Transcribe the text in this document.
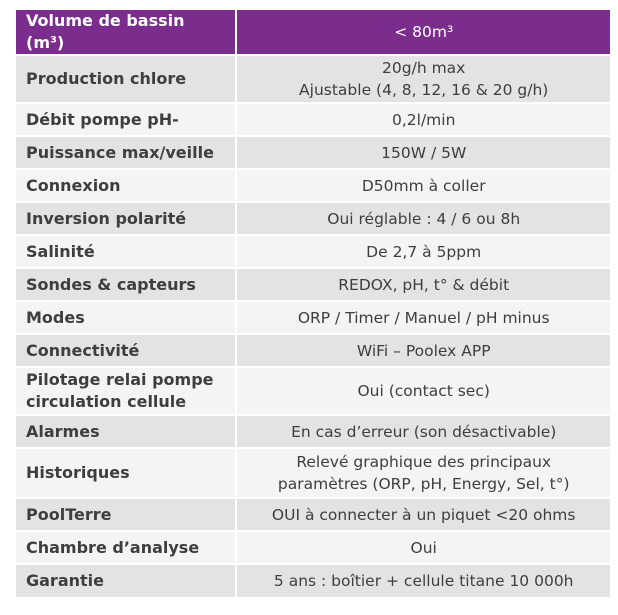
Volume de bassin (m³)	< 80m³

Production chlore	20g/h max
Ajustable (4, 8, 12, 16 & 20 g/h)

Débit pompe pH-	0,2l/min

Puissance max/veille	150W / 5W

Connexion	D50mm à coller

Inversion polarité	Oui réglable : 4 / 6 ou 8h

Salinité	De 2,7 à 5ppm

Sondes & capteurs	REDOX, pH, t° & débit

Modes	ORP / Timer / Manuel / pH minus

Connectivité	WiFi – Poolex APP

Pilotage relai pompe
circulation cellule	Oui (contact sec)

Alarmes	En cas d’erreur (son désactivable)

Historiques	Relevé graphique des principaux
paramètres (ORP, pH, Energy, Sel, t°)

PoolTerre	OUI à connecter à un piquet <20 ohms

Chambre d’analyse	Oui

Garantie	5 ans : boîtier + cellule titane 10 000h
